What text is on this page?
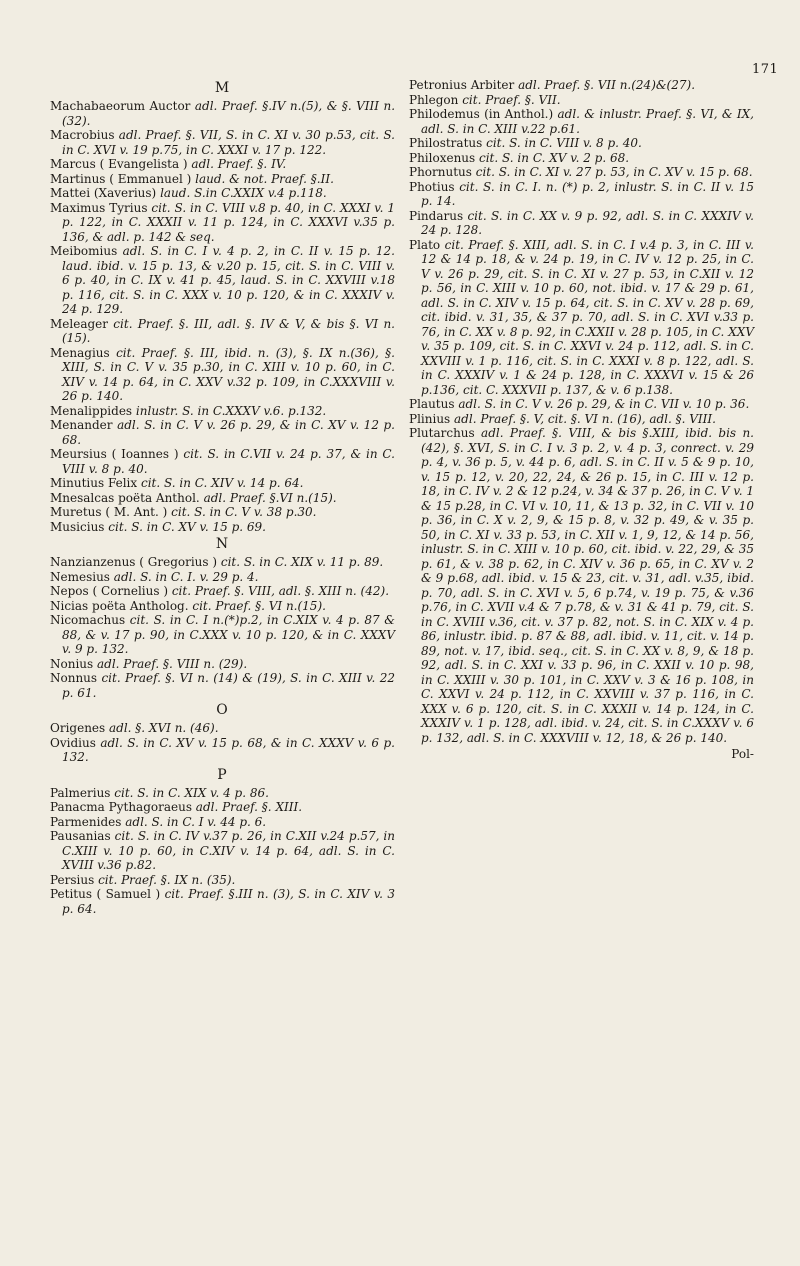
171
M

Machabaeorum Auctor adl. Praef. §.IV n.(5), & §. VIII n.(32).

Macrobius adl. Praef. §. VII, S. in C. XI v. 30 p.53, cit. S. in C. XVI v. 19 p.75, in C. XXXI v. 17 p. 122.

Marcus ( Evangelista ) adl. Praef. §. IV.

Martinus ( Emmanuel ) laud. & not. Praef. §.II.

Mattei (Xaverius) laud. S.in C.XXIX v.4 p.118.

Maximus Tyrius cit. S. in C. VIII v.8 p. 40, in C. XXXI v. 1 p. 122, in C. XXXII v. 11 p. 124, in C. XXXVI v.35 p. 136, & adl. p. 142 & seq.

Meibomius adl. S. in C. I v. 4 p. 2, in C. II v. 15 p. 12. laud. ibid. v. 15 p. 13, & v.20 p. 15, cit. S. in C. VIII v. 6 p. 40, in C. IX v. 41 p. 45, laud. S. in C. XXVIII v.18 p. 116, cit. S. in C. XXX v. 10 p. 120, & in C. XXXIV v. 24 p. 129.

Meleager cit. Praef. §. III, adl. §. IV & V, & bis §. VI n.(15).

Menagius cit. Praef. §. III, ibid. n. (3), §. IX n.(36), §. XIII, S. in C. V v. 35 p.30, in C. XIII v. 10 p. 60, in C. XIV v. 14 p. 64, in C. XXV v.32 p. 109, in C.XXXVIII v. 26 p. 140.

Menalippides inlustr. S. in C.XXXV v.6. p.132.

Menander adl. S. in C. V v. 26 p. 29, & in C. XV v. 12 p. 68.

Meursius ( Ioannes ) cit. S. in C.VII v. 24 p. 37, & in C. VIII v. 8 p. 40.

Minutius Felix cit. S. in C. XIV v. 14 p. 64.

Mnesalcas poëta Anthol. adl. Praef. §.VI n.(15).

Muretus ( M. Ant. ) cit. S. in C. V v. 38 p.30.

Musicius cit. S. in C. XV v. 15 p. 69.

N

Nanzianzenus ( Gregorius ) cit. S. in C. XIX v. 11 p. 89.

Nemesius adl. S. in C. I. v. 29 p. 4.

Nepos ( Cornelius ) cit. Praef. §. VIII, adl. §. XIII n. (42).

Nicias poëta Antholog. cit. Praef. §. VI n.(15).

Nicomachus cit. S. in C. I n.(*)p.2, in C.XIX v. 4 p. 87 & 88, & v. 17 p. 90, in C.XXX v. 10 p. 120, & in C. XXXV v. 9 p. 132.

Nonius adl. Praef. §. VIII n. (29).

Nonnus cit. Praef. §. VI n. (14) & (19), S. in C. XIII v. 22 p. 61.

O

Origenes adl. §. XVI n. (46).

Ovidius adl. S. in C. XV v. 15 p. 68, & in C. XXXV v. 6 p. 132.

P

Palmerius cit. S. in C. XIX v. 4 p. 86.

Panacma Pythagoraeus adl. Praef. §. XIII.

Parmenides adl. S. in C. I v. 44 p. 6.

Pausanias cit. S. in C. IV v.37 p. 26, in C.XII v.24 p.57, in C.XIII v. 10 p. 60, in C.XIV v. 14 p. 64, adl. S. in C. XVIII v.36 p.82.

Persius cit. Praef. §. IX n. (35).

Petitus ( Samuel ) cit. Praef. §.III n. (3), S. in C. XIV v. 3 p. 64.

Petronius Arbiter adl. Praef. §. VII n.(24)&(27).

Phlegon cit. Praef. §. VII.

Philodemus (in Anthol.) adl. & inlustr. Praef. §. VI, & IX, adl. S. in C. XIII v.22 p.61.

Philostratus cit. S. in C. VIII v. 8 p. 40.

Philoxenus cit. S. in C. XV v. 2 p. 68.

Phornutus cit. S. in C. XI v. 27 p. 53, in C. XV v. 15 p. 68.

Photius cit. S. in C. I. n. (*) p. 2, inlustr. S. in C. II v. 15 p. 14.

Pindarus cit. S. in C. XX v. 9 p. 92, adl. S. in C. XXXIV v. 24 p. 128.

Plato cit. Praef. §. XIII, adl. S. in C. I v.4 p. 3, in C. III v. 12 & 14 p. 18, & v. 24 p. 19, in C. IV v. 12 p. 25, in C. V v. 26 p. 29, cit. S. in C. XI v. 27 p. 53, in C.XII v. 12 p. 56, in C. XIII v. 10 p. 60, not. ibid. v. 17 & 29 p. 61, adl. S. in C. XIV v. 15 p. 64, cit. S. in C. XV v. 28 p. 69, cit. ibid. v. 31, 35, & 37 p. 70, adl. S. in C. XVI v.33 p. 76, in C. XX v. 8 p. 92, in C.XXII v. 28 p. 105, in C. XXV v. 35 p. 109, cit. S. in C. XXVI v. 24 p. 112, adl. S. in C. XXVIII v. 1 p. 116, cit. S. in C. XXXI v. 8 p. 122, adl. S. in C. XXXIV v. 1 & 24 p. 128, in C. XXXVI v. 15 & 26 p.136, cit. C. XXXVII p. 137, & v. 6 p.138.

Plautus adl. S. in C. V v. 26 p. 29, & in C. VII v. 10 p. 36.

Plinius adl. Praef. §. V, cit. §. VI n. (16), adl. §. VIII.

Plutarchus adl. Praef. §. VIII, & bis §.XIII, ibid. bis n. (42), §. XVI, S. in C. I v. 3 p. 2, v. 4 p. 3, conrect. v. 29 p. 4, v. 36 p. 5, v. 44 p. 6, adl. S. in C. II v. 5 & 9 p. 10, v. 15 p. 12, v. 20, 22, 24, & 26 p. 15, in C. III v. 12 p. 18, in C. IV v. 2 & 12 p.24, v. 34 & 37 p. 26, in C. V v. 1 & 15 p.28, in C. VI v. 10, 11, & 13 p. 32, in C. VII v. 10 p. 36, in C. X v. 2, 9, & 15 p. 8, v. 32 p. 49, & v. 35 p. 50, in C. XI v. 33 p. 53, in C. XII v. 1, 9, 12, & 14 p. 56, inlustr. S. in C. XIII v. 10 p. 60, cit. ibid. v. 22, 29, & 35 p. 61, & v. 38 p. 62, in C. XIV v. 36 p. 65, in C. XV v. 2 & 9 p.68, adl. ibid. v. 15 & 23, cit. v. 31, adl. v.35, ibid. p. 70, adl. S. in C. XVI v. 5, 6 p.74, v. 19 p. 75, & v.36 p.76, in C. XVII v.4 & 7 p.78, & v. 31 & 41 p. 79, cit. S. in C. XVIII v.36, cit. v. 37 p. 82, not. S. in C. XIX v. 4 p. 86, inlustr. ibid. p. 87 & 88, adl. ibid. v. 11, cit. v. 14 p. 89, not. v. 17, ibid. seq., cit. S. in C. XX v. 8, 9, & 18 p. 92, adl. S. in C. XXI v. 33 p. 96, in C. XXII v. 10 p. 98, in C. XXIII v. 30 p. 101, in C. XXV v. 3 & 16 p. 108, in C. XXVI v. 24 p. 112, in C. XXVIII v. 37 p. 116, in C. XXX v. 6 p. 120, cit. S. in C. XXXII v. 14 p. 124, in C. XXXIV v. 1 p. 128, adl. ibid. v. 24, cit. S. in C.XXXV v. 6 p. 132, adl. S. in C. XXXVIII v. 12, 18, & 26 p. 140.

Pol-
